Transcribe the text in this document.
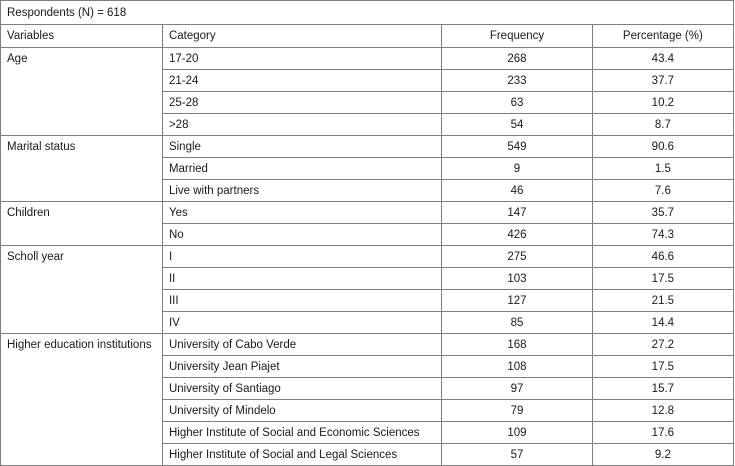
Respondents (N) = 618			
Variables	Category	Frequency	Percentage (%)
Age	17-20	268	43.4
	21-24	233	37.7
	25-28	63	10.2
	>28	54	8.7
Marital status	Single	549	90.6
	Married	9	1.5
	Live with partners	46	7.6
Children	Yes	147	35.7
	No	426	74.3
Scholl year	I	275	46.6
	II	103	17.5
	III	127	21.5
	IV	85	14.4
Higher education institutions	University of Cabo Verde	168	27.2
	University Jean Piajet	108	17.5
	University of Santiago	97	15.7
	University of Mindelo	79	12.8
	Higher Institute of Social and Economic Sciences	109	17.6
	Higher Institute of Social and Legal Sciences	57	9.2
